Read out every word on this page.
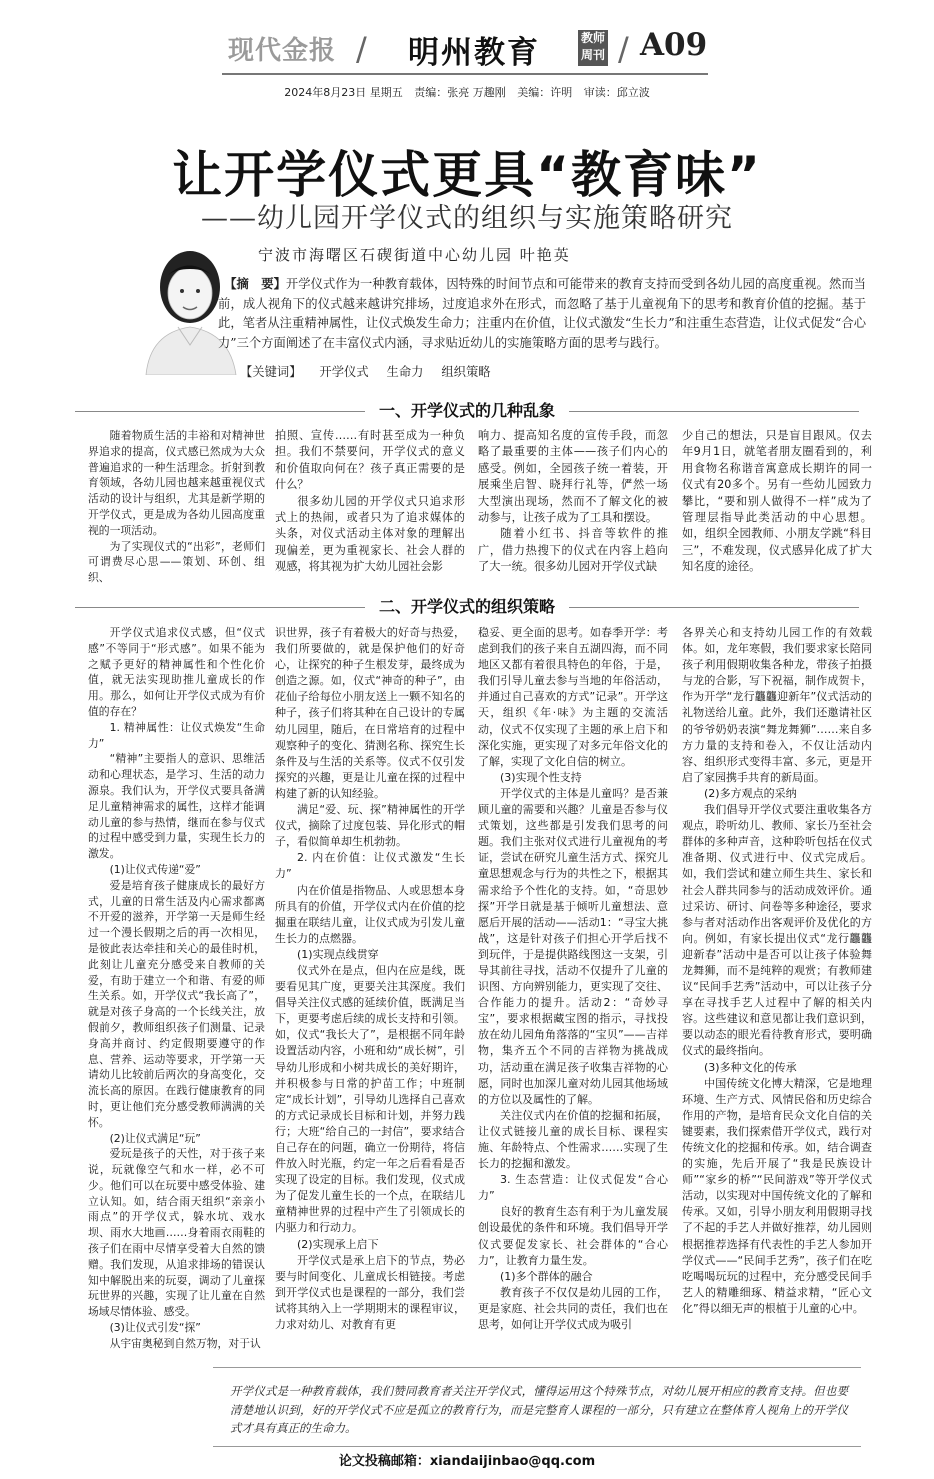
现代金报 / 明州教育	教师
周刊 / A09
2024年8月23日 星期五 责编：张亮 万趣刚 美编：许明 审读：邱立波
让开学仪式更具“教育味”
——幼儿园开学仪式的组织与实施策略研究
宁波市海曙区石碶街道中心幼儿园 叶艳英
　【摘　要】开学仪式作为一种教育载体，因特殊的时间节点和可能带来的教育支持而受到各幼儿园的高度重视。然而当前，成人视角下的仪式越来越讲究排场，过度追求外在形式，而忽略了基于儿童视角下的思考和教育价值的挖掘。基于此，笔者从注重精神属性，让仪式焕发生命力；注重内在价值，让仪式激发“生长力”和注重生态营造，让仪式促发“合心力”三个方面阐述了在丰富仪式内涵，寻求贴近幼儿的实施策略方面的思考与践行。
【关键词】 开学仪式 生命力 组织策略
一、开学仪式的几种乱象

随着物质生活的丰裕和对精神世界追求的提高，仪式感已然成为大众普遍追求的一种生活理念。折射到教育领域，各幼儿园也越来越重视仪式活动的设计与组织，尤其是新学期的开学仪式，更是成为各幼儿园高度重视的一项活动。

为了实现仪式的“出彩”，老师们可谓费尽心思——策划、环创、组织、

拍照、宣传……有时甚至成为一种负担。我们不禁要问，开学仪式的意义和价值取向何在？孩子真正需要的是什么？

很多幼儿园的开学仪式只追求形式上的热闹，或者只为了追求媒体的头条，对仪式活动主体对象的理解出现偏差，更为重视家长、社会人群的观感，将其视为扩大幼儿园社会影

响力、提高知名度的宣传手段，而忽略了最重要的主体——孩子们内心的感受。例如，全园孩子统一着装，开展乘坐启智、晓拜行礼等，俨然一场大型演出现场，然而不了解文化的被动参与，让孩子成为了工具和摆设。

随着小红书、抖音等软件的推广，借力热搜下的仪式在内容上趋向了大一统。很多幼儿园对开学仪式缺

少自己的想法，只是盲目跟风。仅去年9月1日，就笔者朋友圈看到的，利用食物名称谐音寓意成长期许的同一仪式有20多个。另有一些幼儿园致力攀比，“要和别人做得不一样”成为了管理层指导此类活动的中心思想。如，组织全园教师、小朋友学跳“科目三”，不难发现，仪式感异化成了扩大知名度的途径。

二、开学仪式的组织策略

开学仪式追求仪式感，但“仪式感”不等同于“形式感”。如果不能为之赋予更好的精神属性和个性化价值，就无法实现助推儿童成长的作用。那么，如何让开学仪式成为有价值的存在？

1. 精神属性：让仪式焕发“生命力”

“精神”主要指人的意识、思维活动和心理状态，是学习、生活的动力源泉。我们认为，开学仪式要具备满足儿童精神需求的属性，这样才能调动儿童的参与热情，继而在参与仪式的过程中感受到力量，实现生长力的激发。

(1)让仪式传递“爱”

爱是培育孩子健康成长的最好方式，儿童的日常生活及内心需求都离不开爱的滋养，开学第一天是师生经过一个漫长假期之后的再一次相见，是彼此表达牵挂和关心的最佳时机，此刻让儿童充分感受来自教师的关爱，有助于建立一个和谐、有爱的师生关系。如，开学仪式“我长高了”，就是对孩子身高的一个长线关注，放假前夕，教师组织孩子们测量、记录身高并商讨、约定假期要遵守的作息、营养、运动等要求，开学第一天请幼儿比较前后两次的身高变化，交流长高的原因。在践行健康教育的同时，更让他们充分感受教师满满的关怀。

(2)让仪式满足“玩”

爱玩是孩子的天性，对于孩子来说，玩就像空气和水一样，必不可少。他们可以在玩要中感受体验、建立认知。如，结合雨天组织“亲亲小雨点”的开学仪式，躲水坑、戏水坝、雨水大地画……身着雨衣雨鞋的孩子们在雨中尽情享受着大自然的馈赠。我们发现，从追求排场的错误认知中解脱出来的玩耍，调动了儿童探玩世界的兴趣，实现了让儿童在自然场域尽情体验、感受。

(3)让仪式引发“探”

从宇宙奥秘到自然万物，对于认

识世界，孩子有着极大的好奇与热爱，我们所要做的，就是保护他们的好奇心，让探究的种子生根发芽，最终成为创造之源。如，仪式“神奇的种子”，由花仙子给每位小朋友送上一颗不知名的种子，孩子们将其种在自己设计的专属幼儿园里，随后，在日常培育的过程中观察种子的变化、猜测名称、探究生长条件及与生活的关系等。仪式不仅引发探究的兴趣，更是让儿童在探的过程中构建了新的认知经验。

满足“爱、玩、探”精神属性的开学仪式，摘除了过度包装、异化形式的帽子，看似简单却生机勃勃。

2. 内在价值：让仪式激发“生长力”

内在价值是指物品、人或思想本身所具有的价值，开学仪式内在价值的挖掘重在联结儿童，让仪式成为引发儿童生长力的点燃器。

(1)实现点线贯穿

仪式外在是点，但内在应是线，既要看见其广度，更要关注其深度。我们倡导关注仪式感的延续价值，既满足当下，更要考虑后续的成长支持和引领。如，仪式“我长大了”，是根据不同年龄设置活动内容，小班和幼“成长树”，引导幼儿形成和小树共成长的美好期许，并积极参与日常的护苗工作；中班制定“成长计划”，引导幼儿选择自己喜欢的方式记录成长目标和计划，并努力践行；大班“给自己的一封信”，要求结合自己存在的问题，确立一份期待，将信件放入时光瓶，约定一年之后看看是否实现了设定的目标。我们发现，仪式成为了促发儿童生长的一个点，在联结儿童精神世界的过程中产生了引领成长的内驱力和行动力。

(2)实现承上启下

开学仪式是承上启下的节点，势必要与时间变化、儿童成长相链接。考虑到开学仪式也是课程的一部分，我们尝试将其纳入上一学期期末的课程审议，力求对幼儿、对教育有更

稳妥、更全面的思考。如春季开学：考虑到我们的孩子来自五湖四海，而不同地区又都有着很具特色的年俗，于是，我们引导儿童去参与当地的年俗活动，并通过自己喜欢的方式”记录”。开学这天，组织《年·味》为主题的交流活动，仪式不仅实现了主题的承上启下和深化实施，更实现了对多元年俗文化的了解，实现了文化自信的树立。

(3)实现个性支持

开学仪式的主体是儿童吗？是否兼顾儿童的需要和兴趣？儿童是否参与仪式策划，这些都是引发我们思考的问题。我们主张对仪式进行儿童视角的考证，尝试在研究儿童生活方式、探究儿童思想观念与行为的共性之下，根据其需求给予个性化的支持。如，“奇思妙探”开学日就是基于倾听儿童想法、意愿后开展的活动——活动1：“寻宝大挑战”，这是针对孩子们担心开学后找不到玩伴，于是提供路线图这一支架，引导其前往寻找，活动不仅提升了儿童的识图、方向辨别能力，更实现了交往、合作能力的提升。活动2：“奇妙寻宝”，要求根据藏宝图的指示，寻找投放在幼儿园角角落落的“宝贝”——吉祥物，集齐五个不同的吉祥物为挑战成功，活动重在满足孩子收集吉祥物的心愿，同时也加深儿童对幼儿园其他场域的方位以及属性的了解。

关注仪式内在价值的挖掘和拓展，让仪式链接儿童的成长目标、课程实施、年龄特点、个性需求……实现了生长力的挖掘和激发。

3. 生态营造：让仪式促发“合心力”

良好的教育生态有利于为儿童发展创设最优的条件和环境。我们倡导开学仪式要促发家长、社会群体的“合心力”，让教育力量生发。

(1)多个群体的融合

教育孩子不仅仅是幼儿园的工作，更是家庭、社会共同的责任，我们也在思考，如何让开学仪式成为吸引

各界关心和支持幼儿园工作的有效载体。如，龙年寒假，我们要求家长陪同孩子利用假期收集各种龙，带孩子拍摄与龙的合影，写下祝福，制作成贺卡，作为开学“龙行龘龘迎新年”仪式活动的礼物送给儿童。此外，我们还邀请社区的爷爷奶奶表演“舞龙舞狮”……来自多方力量的支持和卷入，不仅让活动内容、组织形式变得丰富、多元，更是开启了家园携手共育的新局面。

(2)多方观点的采纳

我们倡导开学仪式要注重收集各方观点，聆听幼儿、教师、家长乃至社会群体的多种声音，这种聆听包括在仪式准备期、仪式进行中、仪式完成后。如，我们尝试和建立师生共生、家长和社会人群共同参与的活动成效评价。通过采访、研讨、问卷等多种途径，要求参与者对活动作出客观评价及优化的方向。例如，有家长提出仪式“龙行龘龘迎新春”活动中是否可以让孩子体验舞龙舞狮，而不是纯粹的观赏；有教师建议“民间手艺秀”活动中，可以让孩子分享在寻找手艺人过程中了解的相关内容。这些建议和意见都让我们意识到，要以动态的眼光看待教育形式，要明确仪式的最终指向。

(3)多种文化的传承

中国传统文化博大精深，它是地理环境、生产方式、风情民俗和历史综合作用的产物，是培育民众文化自信的关键要素，我们探索借开学仪式，践行对传统文化的挖掘和传承。如，结合调查的实施，先后开展了“我是民族设计师”“家乡的桥”“民间游戏”等开学仪式活动，以实现对中国传统文化的了解和传承。又如，引导小朋友利用假期寻找了不起的手艺人并做好推荐，幼儿园则根据推荐选择有代表性的手艺人参加开学仪式——“民间手艺秀”，孩子们在吃吃喝喝玩玩的过程中，充分感受民间手艺人的精雕细琢、精益求精，“匠心文化”得以细无声的根植于儿童的心中。

开学仪式是一种教育载体，我们赞同教育者关注开学仪式，懂得运用这个特殊节点，对幼儿展开相应的教育支持。但也要清楚地认识到，好的开学仪式不应是孤立的教育行为，而是完整育人课程的一部分，只有建立在整体育人视角上的开学仪式才具有真正的生命力。
论文投稿邮箱：xiandaijinbao@qq.com
